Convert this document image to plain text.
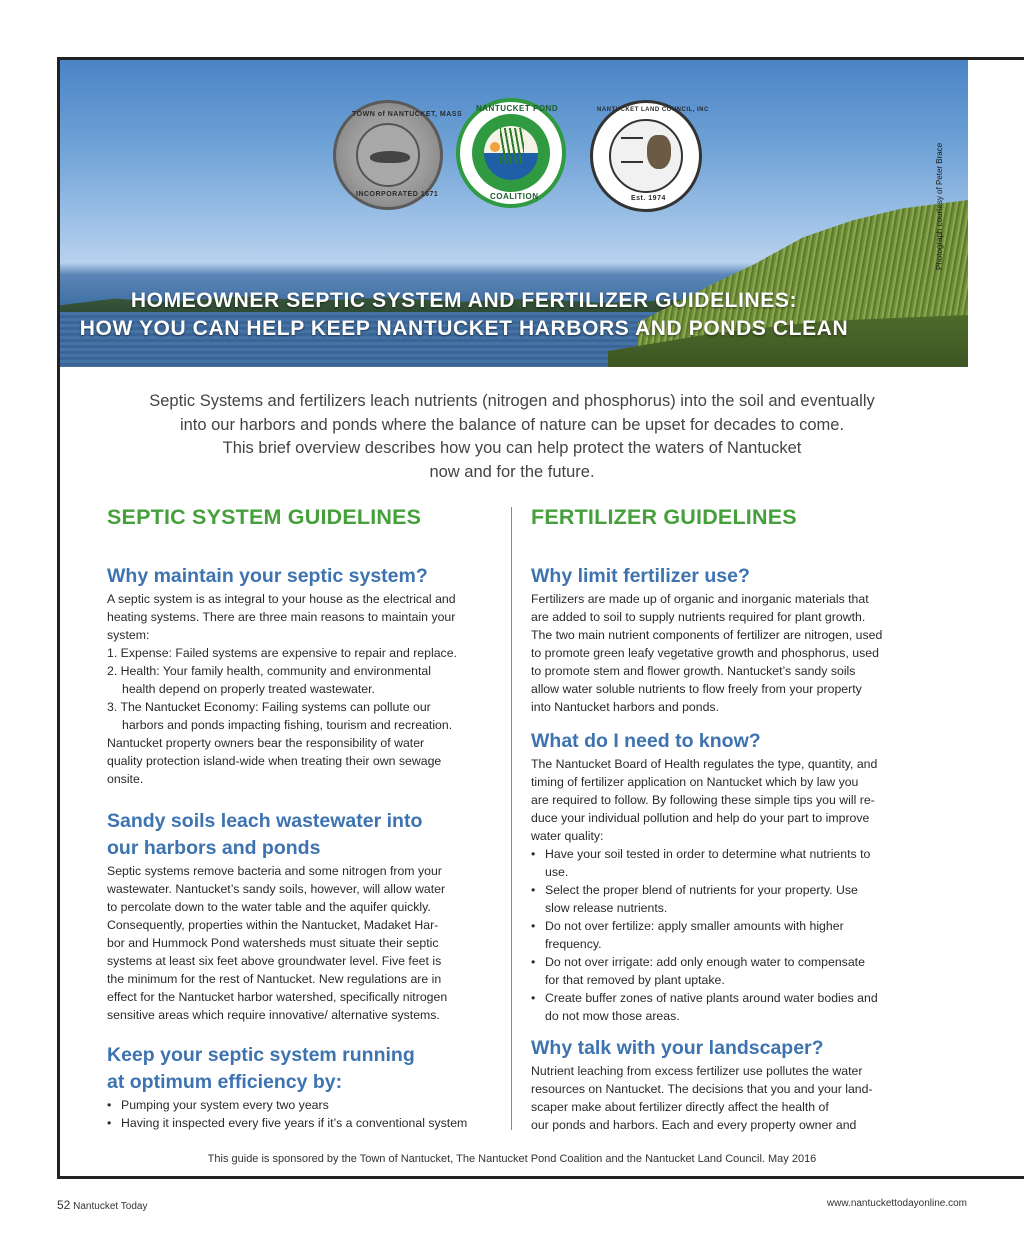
TOWN of NANTUCKET, MASS
INCORPORATED 1671
NANTUCKET POND
COALITION
NANTUCKET LAND COUNCIL, INC
Est. 1974
HOMEOWNER SEPTIC SYSTEM AND FERTILIZER GUIDELINES:
HOW YOU CAN HELP KEEP NANTUCKET HARBORS AND PONDS CLEAN
Photograph courtesy of Peter Brace
Septic Systems and fertilizers leach nutrients (nitrogen and phosphorus) into the soil and eventually
into our harbors and ponds where the balance of nature can be upset for decades to come.
This brief overview describes how you can help protect the waters of Nantucket
now and for the future.
SEPTIC SYSTEM GUIDELINES
Why maintain your septic system?
A septic system is as integral to your house as the electrical and
heating systems. There are three main reasons to maintain your
system:
1. Expense: Failed systems are expensive to repair and replace.
2. Health: Your family health, community and environmental
health depend on properly treated wastewater.
3. The Nantucket Economy: Failing systems can pollute our
harbors and ponds impacting fishing, tourism and recreation.
Nantucket property owners bear the responsibility of water
quality protection island-wide when treating their own sewage
onsite.
Sandy soils leach wastewater into
our harbors and ponds
Septic systems remove bacteria and some nitrogen from your
wastewater. Nantucket’s sandy soils, however, will allow water
to percolate down to the water table and the aquifer quickly.
Consequently, properties within the Nantucket, Madaket Har-
bor and Hummock Pond watersheds must situate their septic
systems at least six feet above groundwater level. Five feet is
the minimum for the rest of Nantucket. New regulations are in
effect for the Nantucket harbor watershed, specifically nitrogen
sensitive areas which require innovative/ alternative systems.
Keep your septic system running
at optimum efficiency by:
• Pumping your system every two years
• Having it inspected every five years if it’s a conventional system
FERTILIZER GUIDELINES
Why limit fertilizer use?
Fertilizers are made up of organic and inorganic materials that
are added to soil to supply nutrients required for plant growth.
The two main nutrient components of fertilizer are nitrogen, used
to promote green leafy vegetative growth and phosphorus, used
to promote stem and flower growth. Nantucket’s sandy soils
allow water soluble nutrients to flow freely from your property
into Nantucket harbors and ponds.
What do I need to know?
The Nantucket Board of Health regulates the type, quantity, and
timing of fertilizer application on Nantucket which by law you
are required to follow. By following these simple tips you will re-
duce your individual pollution and help do your part to improve
water quality:
• Have your soil tested in order to determine what nutrients to
use.
• Select the proper blend of nutrients for your property. Use
slow release nutrients.
• Do not over fertilize: apply smaller amounts with higher
frequency.
• Do not over irrigate: add only enough water to compensate
for that removed by plant uptake.
• Create buffer zones of native plants around water bodies and
do not mow those areas.
Why talk with your landscaper?
Nutrient leaching from excess fertilizer use pollutes the water
resources on Nantucket. The decisions that you and your land-
scaper make about fertilizer directly affect the health of
our ponds and harbors. Each and every property owner and
This guide is sponsored by the Town of Nantucket, The Nantucket Pond Coalition and the Nantucket Land Council. May 2016
52 Nantucket Today	www.nantuckettodayonline.com
